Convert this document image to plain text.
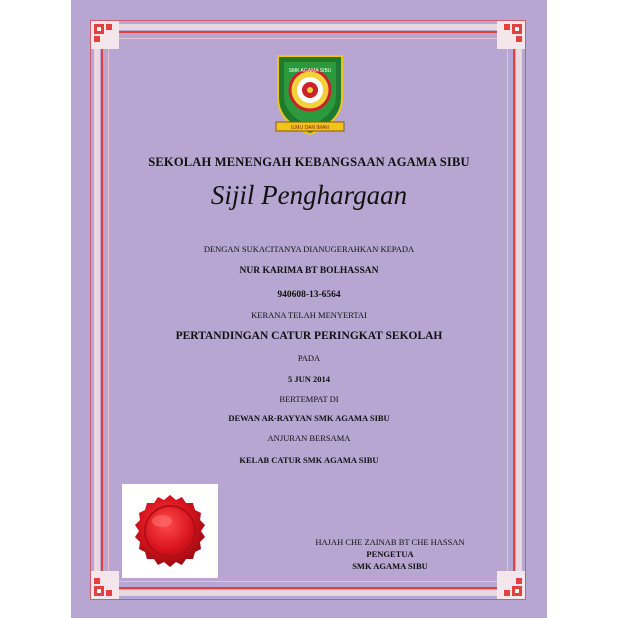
ILMU DAN IMAN
SMK AGAMA SIBU

SEKOLAH MENENGAH KEBANGSAAN AGAMA SIBU

Sijil Penghargaan

DENGAN SUKACITANYA DIANUGERAHKAN KEPADA

NUR KARIMA BT BOLHASSAN

940608-13-6564

KERANA TELAH MENYERTAI

PERTANDINGAN CATUR PERINGKAT SEKOLAH

PADA

5 JUN 2014

BERTEMPAT DI

DEWAN AR-RAYYAN SMK AGAMA SIBU

ANJURAN BERSAMA

KELAB CATUR SMK AGAMA SIBU

HAJAH CHE ZAINAB BT CHE HASSAN
PENGETUA
SMK AGAMA SIBU
